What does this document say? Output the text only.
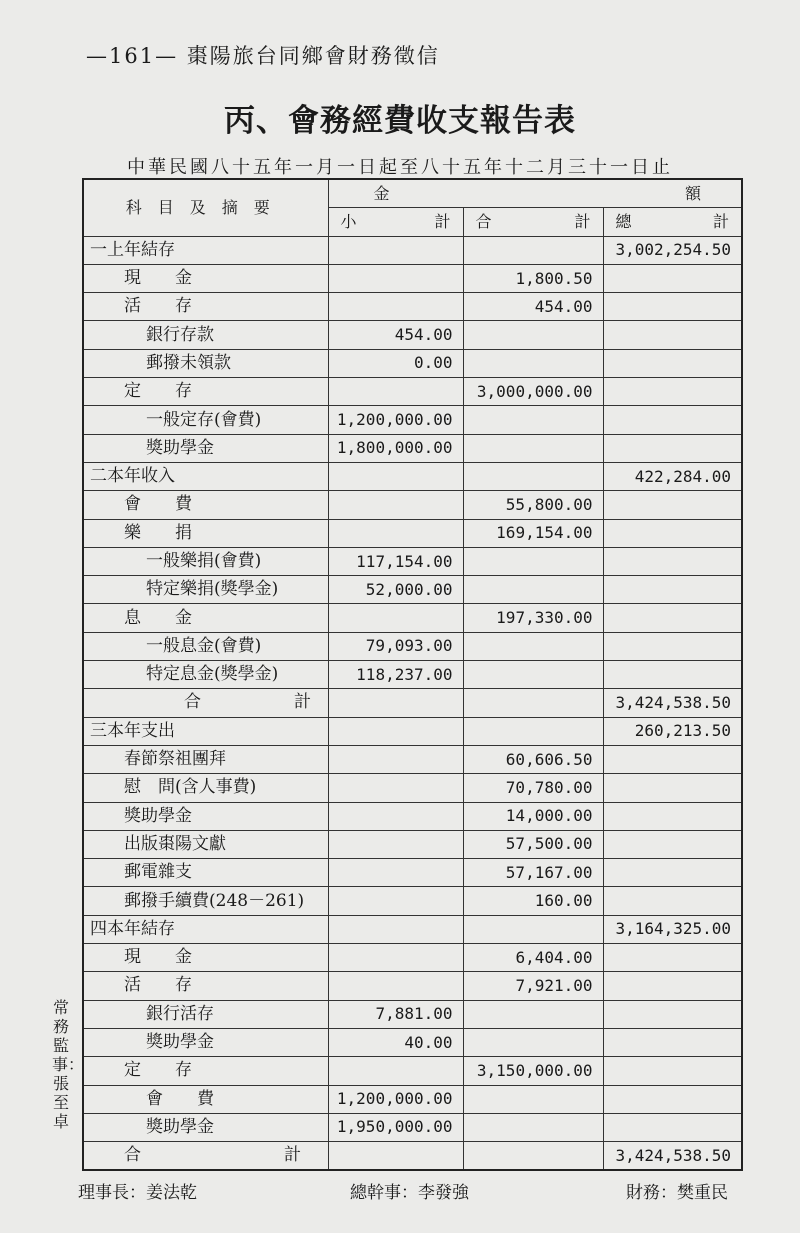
—161— 棗陽旅台同鄉會財務徵信
丙、會務經費收支報告表
中華民國八十五年一月一日起至八十五年十二月三十一日止
科目及摘要	金 額		

	小 計	合 計	總 計

一上年結存			3,002,254.50
現　　金		1,800.50	
活　　存		454.00	
銀行存款	454.00		
郵撥未領款	0.00		
定　　存		3,000,000.00	
一般定存(會費)	1,200,000.00		
獎助學金	1,800,000.00		
二本年收入			422,284.00
會　　費		55,800.00	
樂　　捐		169,154.00	
一般樂捐(會費)	117,154.00		
特定樂捐(獎學金)	52,000.00		
息　　金		197,330.00	
一般息金(會費)	79,093.00		
特定息金(獎學金)	118,237.00		
合 計			3,424,538.50
三本年支出			260,213.50
春節祭祖團拜		60,606.50	
慰　問(含人事費)		70,780.00	
獎助學金		14,000.00	
出版棗陽文獻		57,500.00	
郵電雜支		57,167.00	
郵撥手續費(248－261)		160.00	
四本年結存			3,164,325.00
現　　金		6,404.00	
活　　存		7,921.00	
銀行活存	7,881.00		
獎助學金	40.00		
定　　存		3,150,000.00	
會　　費	1,200,000.00		
獎助學金	1,950,000.00		
合 計			3,424,538.50
常務監事：張至卓
理事長：姜法乾	總幹事：李發強	財務：樊重民
